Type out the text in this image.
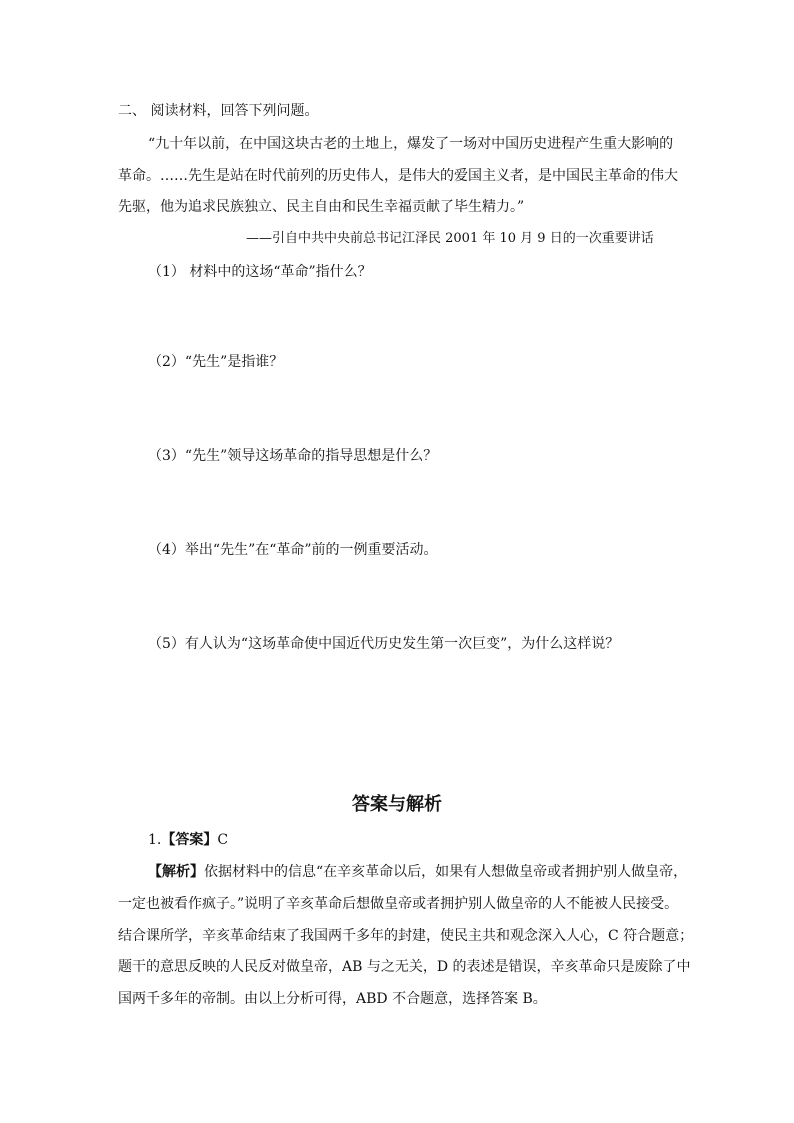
二、 阅读材料，回答下列问题。
“九十年以前，在中国这块古老的土地上，爆发了一场对中国历史进程产生重大影响的
革命。……先生是站在时代前列的历史伟人，是伟大的爱国主义者，是中国民主革命的伟大
先驱，他为追求民族独立、民主自由和民生幸福贡献了毕生精力。”
——引自中共中央前总书记江泽民 2001 年 10 月 9 日的一次重要讲话
（1） 材料中的这场“革命”指什么？
（2）“先生”是指谁？
（3）“先生”领导这场革命的指导思想是什么？
（4）举出“先生”在“革命”前的一例重要活动。
（5）有人认为“这场革命使中国近代历史发生第一次巨变”，为什么这样说？
答案与解析
1.【答案】C
【解析】依据材料中的信息“在辛亥革命以后，如果有人想做皇帝或者拥护别人做皇帝，
一定也被看作疯子。”说明了辛亥革命后想做皇帝或者拥护别人做皇帝的人不能被人民接受。
结合课所学，辛亥革命结束了我国两千多年的封建，使民主共和观念深入人心，C 符合题意；
题干的意思反映的人民反对做皇帝，AB 与之无关，D 的表述是错误，辛亥革命只是废除了中
国两千多年的帝制。由以上分析可得，ABD 不合题意，选择答案 B。
